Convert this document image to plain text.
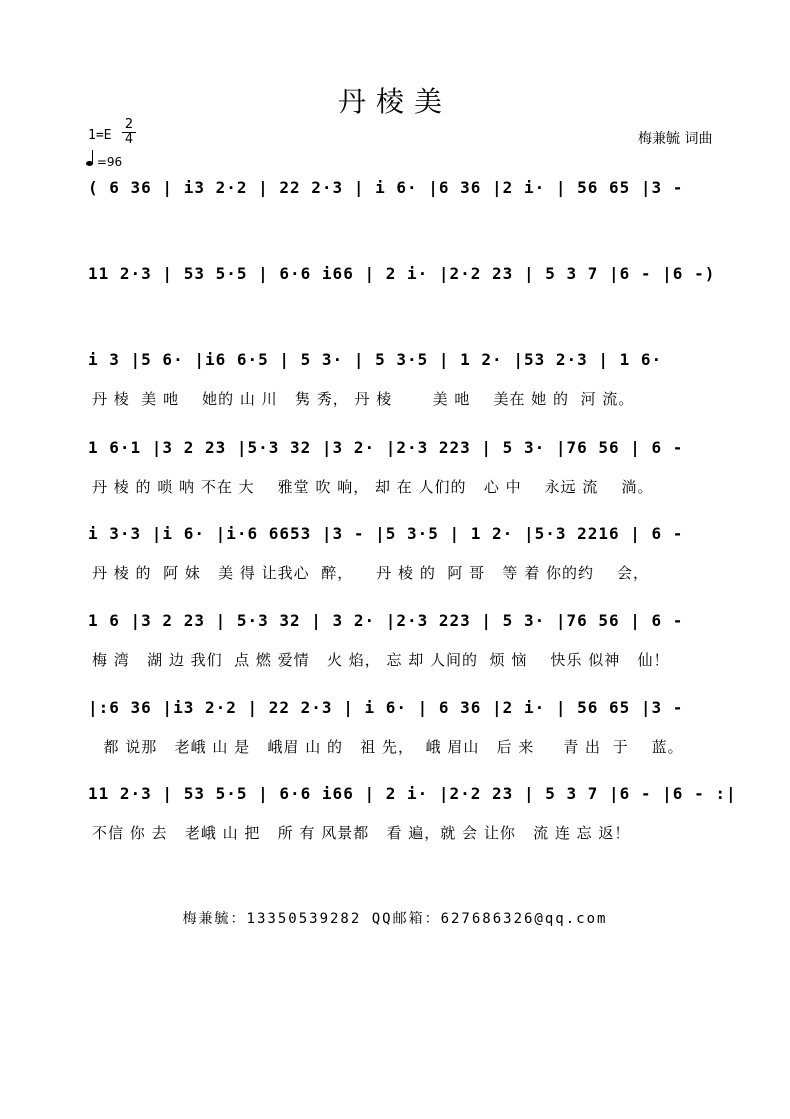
丹棱美
1=E
2
4
=96
梅兼毓 词曲
( 6 36 | i3 2·2 | 22 2·3 | i 6· |6 36 |2 i· | 56 65 |3 -
11 2·3 | 53 5·5 | 6·6 i66 | 2 i· |2·2 23 | 5 3 7 |6 - |6 -)
i 3 |5 6· |i6 6·5 | 5 3· | 5 3·5 | 1 2· |53 2·3 | 1 6·
丹 棱  美 吔    她的 山 川   隽 秀， 丹 棱       美 吔    美在 她 的  河 流。
1 6·1 |3 2 23 |5·3 32 |3 2· |2·3 223 | 5 3· |76 56 | 6 -
丹 棱 的 唢 呐 不在 大    雅堂 吹 响， 却 在 人们的   心 中    永远 流    淌。
i 3·3 |i 6· |i·6 6653 |3 - |5 3·5 | 1 2· |5·3 2216 | 6 -
丹 棱 的  阿 妹   美 得 让我心  醉，    丹 棱 的  阿 哥   等 着 你的约    会，
1 6 |3 2 23 | 5·3 32 | 3 2· |2·3 223 | 5 3· |76 56 | 6 -
梅 湾   湖 边 我们  点 燃 爱情   火 焰， 忘 却 人间的  烦 恼    快乐 似神   仙！
|:6 36 |i3 2·2 | 22 2·3 | i 6· | 6 36 |2 i· | 56 65 |3 -
都 说那   老峨 山 是   峨眉 山 的   祖 先，  峨 眉山   后 来     青 出  于    蓝。
11 2·3 | 53 5·5 | 6·6 i66 | 2 i· |2·2 23 | 5 3 7 |6 - |6 - :|
不信 你 去   老峨 山 把   所 有 风景都   看 遍，就 会 让你   流 连 忘 返！
梅兼毓：13350539282 QQ邮箱：627686326@qq.com
